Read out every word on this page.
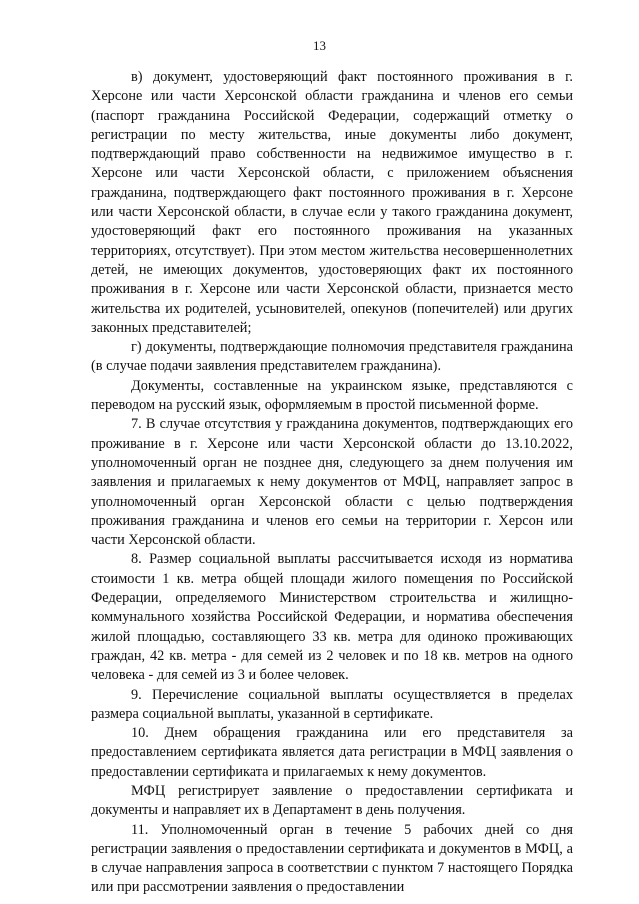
13

в) документ, удостоверяющий факт постоянного проживания в г. Херсоне или части Херсонской области гражданина и членов его семьи (паспорт гражданина Российской Федерации, содержащий отметку о регистрации по месту жительства, иные документы либо документ, подтверждающий право собственности на недвижимое имущество в г. Херсоне или части Херсонской области, с приложением объяснения гражданина, подтверждающего факт постоянного проживания в г. Херсоне или части Херсонской области, в случае если у такого гражданина документ, удостоверяющий факт его постоянного проживания на указанных территориях, отсутствует). При этом местом жительства несовершеннолетних детей, не имеющих документов, удостоверяющих факт их постоянного проживания в г. Херсоне или части Херсонской области, признается место жительства их родителей, усыновителей, опекунов (попечителей) или других законных представителей;

г) документы, подтверждающие полномочия представителя гражданина (в случае подачи заявления представителем гражданина).

Документы, составленные на украинском языке, представляются с переводом на русский язык, оформляемым в простой письменной форме.

7. В случае отсутствия у гражданина документов, подтверждающих его проживание в г. Херсоне или части Херсонской области до 13.10.2022, уполномоченный орган не позднее дня, следующего за днем получения им заявления и прилагаемых к нему документов от МФЦ, направляет запрос в уполномоченный орган Херсонской области с целью подтверждения проживания гражданина и членов его семьи на территории г. Херсон или части Херсонской области.

8. Размер социальной выплаты рассчитывается исходя из норматива стоимости 1 кв. метра общей площади жилого помещения по Российской Федерации, определяемого Министерством строительства и жилищно-коммунального хозяйства Российской Федерации, и норматива обеспечения жилой площадью, составляющего 33 кв. метра для одиноко проживающих граждан, 42 кв. метра - для семей из 2 человек и по 18 кв. метров на одного человека - для семей из 3 и более человек.

9. Перечисление социальной выплаты осуществляется в пределах размера социальной выплаты, указанной в сертификате.

10. Днем обращения гражданина или его представителя за предоставлением сертификата является дата регистрации в МФЦ заявления о предоставлении сертификата и прилагаемых к нему документов.

МФЦ регистрирует заявление о предоставлении сертификата и документы и направляет их в Департамент в день получения.

11. Уполномоченный орган в течение 5 рабочих дней со дня регистрации заявления о предоставлении сертификата и документов в МФЦ, а в случае направления запроса в соответствии с пунктом 7 настоящего Порядка или при рассмотрении заявления о предоставлении
